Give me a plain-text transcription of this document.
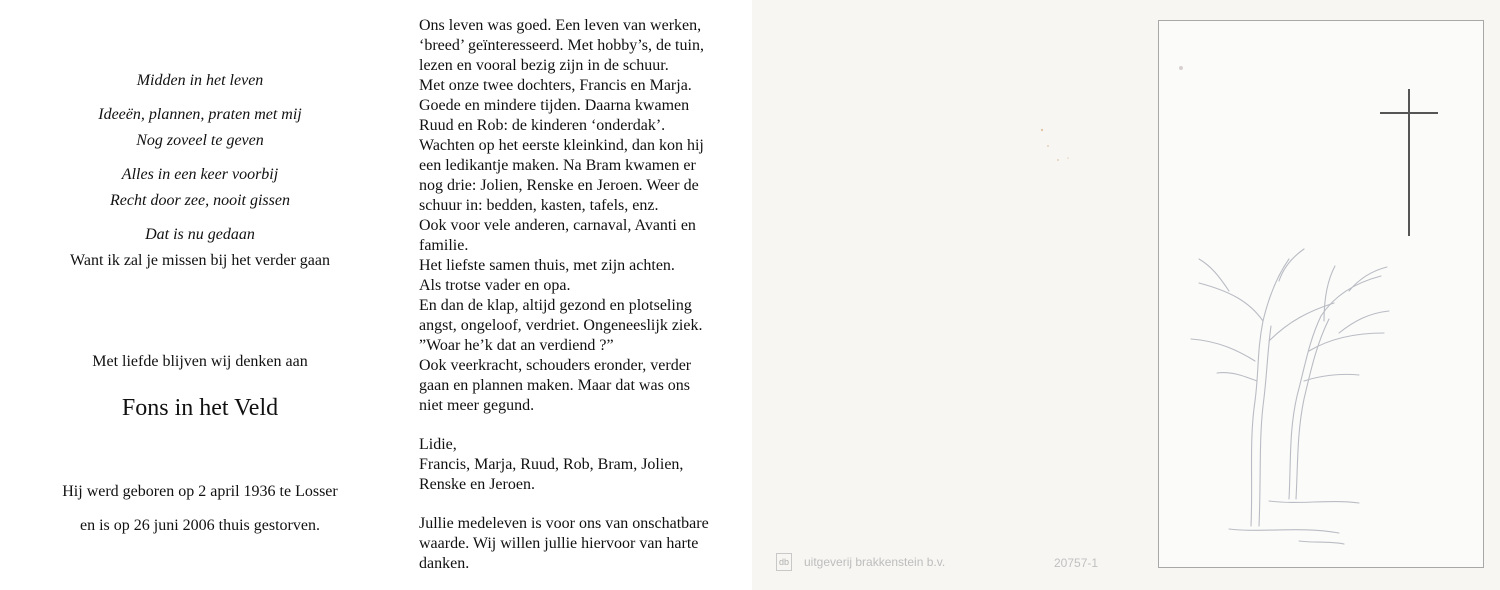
Midden in het leven

Ideeën, plannen, praten met mij

Nog zoveel te geven

Alles in een keer voorbij

Recht door zee, nooit gissen

Dat is nu gedaan

Want ik zal je missen bij het verder gaan

Met liefde blijven wij denken aan

Fons in het Veld

Hij werd geboren op 2 april 1936 te Losser

en is op 26 juni 2006 thuis gestorven.

Ons leven was goed. Een leven van werken,

‘breed’ geïnteresseerd. Met hobby’s, de tuin,

lezen en vooral bezig zijn in de schuur.

Met onze twee dochters, Francis en Marja.

Goede en mindere tijden. Daarna kwamen

Ruud en Rob: de kinderen ‘onderdak’.

Wachten op het eerste kleinkind, dan kon hij

een ledikantje maken. Na Bram kwamen er

nog drie: Jolien, Renske en Jeroen. Weer de

schuur in: bedden, kasten, tafels, enz.

Ook voor vele anderen, carnaval, Avanti en

familie.

Het liefste samen thuis, met zijn achten.

Als trotse vader en opa.

En dan de klap, altijd gezond en plotseling

angst, ongeloof, verdriet. Ongeneeslijk ziek.

”Woar he’k dat an verdiend ?”

Ook veerkracht, schouders eronder, verder

gaan en plannen maken. Maar dat was ons

niet meer gegund.

Lidie,

Francis, Marja, Ruud, Rob, Bram, Jolien,

Renske en Jeroen.

Jullie medeleven is voor ons van onschatbare

waarde. Wij willen jullie hiervoor van harte

danken.	db uitgeverij brakkenstein b.v.	20757-1
